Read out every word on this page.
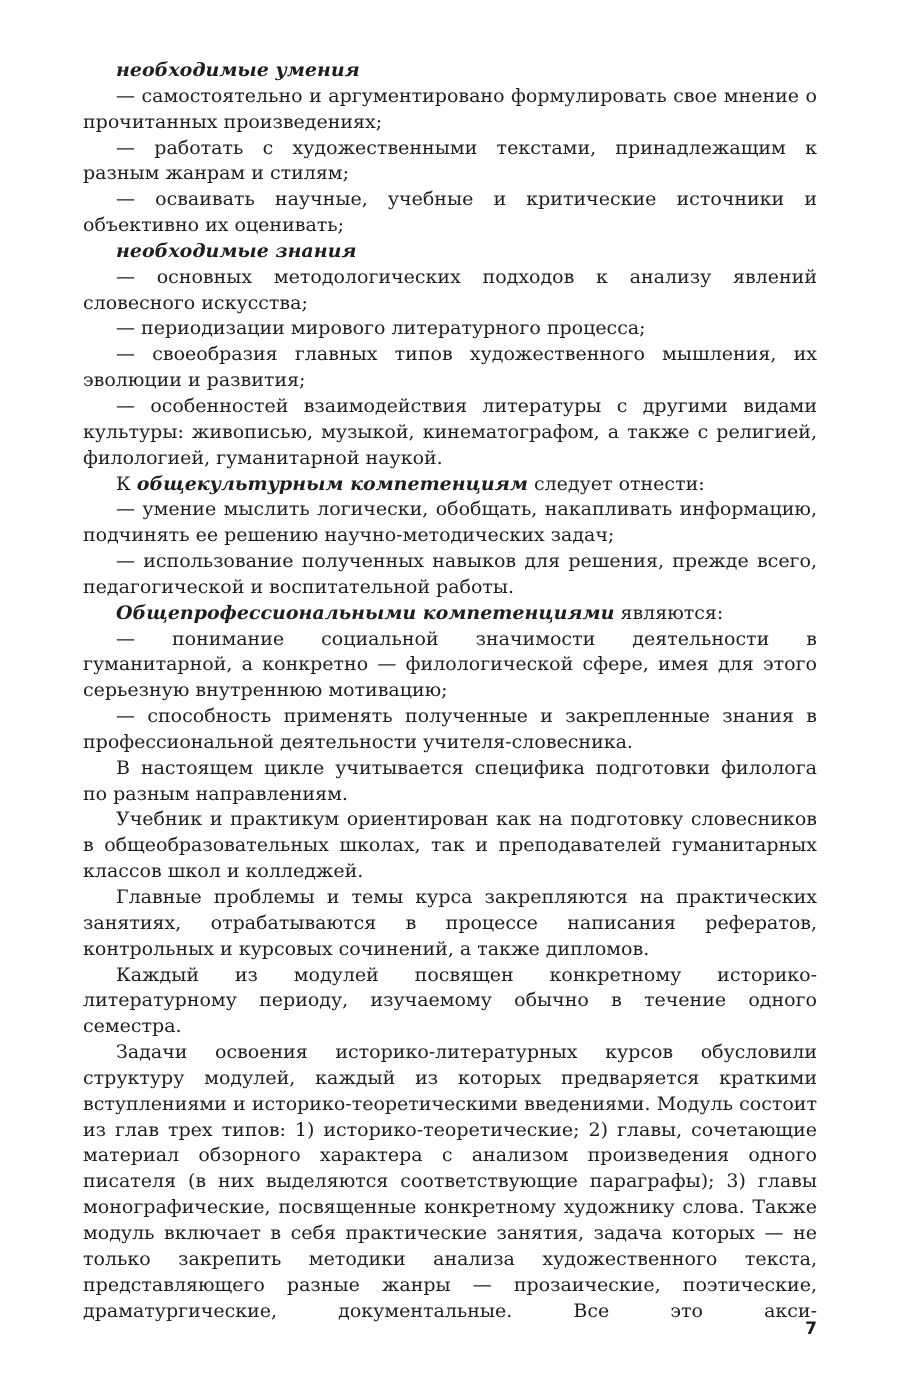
необходимые умения

— самостоятельно и аргументировано формулировать свое мнение о прочитанных произведениях;

— работать с художественными текстами, принадлежащим к разным жанрам и стилям;

— осваивать научные, учебные и критические источники и объективно их оценивать;

необходимые знания

— основных методологических подходов к анализу явлений словесного искусства;

— периодизации мирового литературного процесса;

— своеобразия главных типов художественного мышления, их эволюции и развития;

— особенностей взаимодействия литературы с другими видами культуры: живописью, музыкой, кинематографом, а также с религией, филологией, гуманитарной наукой.

К общекультурным компетенциям следует отнести:

— умение мыслить логически, обобщать, накапливать информацию, подчинять ее решению научно-методических задач;

— использование полученных навыков для решения, прежде всего, педагогической и воспитательной работы.

Общепрофессиональными компетенциями являются:

— понимание социальной значимости деятельности в гуманитарной, а конкретно — филологической сфере, имея для этого серьезную внутреннюю мотивацию;

— способность применять полученные и закрепленные знания в профессиональной деятельности учителя-словесника.

В настоящем цикле учитывается специфика подготовки филолога по разным направлениям.

Учебник и практикум ориентирован как на подготовку словесников в общеобразовательных школах, так и преподавателей гуманитарных классов школ и колледжей.

Главные проблемы и темы курса закрепляются на практических занятиях, отрабатываются в процессе написания рефератов, контрольных и курсовых сочинений, а также дипломов.

Каждый из модулей посвящен конкретному историко-литературному периоду, изучаемому обычно в течение одного семестра.

Задачи освоения историко-литературных курсов обусловили структуру модулей, каждый из которых предваряется краткими вступлениями и историко-теоретическими введениями. Модуль состоит из глав трех типов: 1) историко-теоретические; 2) главы, сочетающие материал обзорного характера с анализом произведения одного писателя (в них выделяются соответствующие параграфы); 3) главы монографические, посвященные конкретному художнику слова. Также модуль включает в себя практические занятия, задача которых — не только закрепить методики анализа художественного текста, представляющего разные жанры — прозаические, поэтические, драматургические, документальные. Все это акси-

7
